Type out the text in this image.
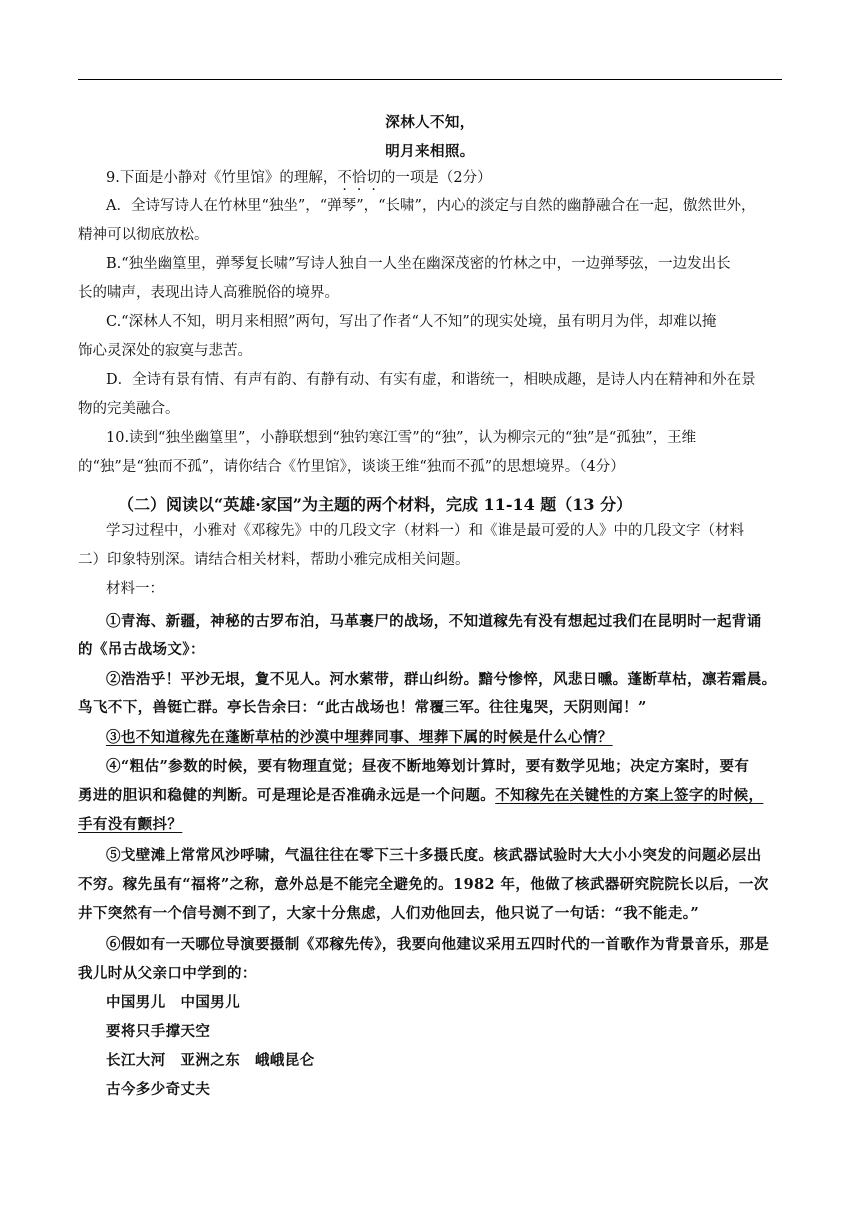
深林人不知，
明月来相照。
9.下面是小静对《竹里馆》的理解，不恰切的一项是（2分）
A．全诗写诗人在竹林里“独坐”，“弹琴”，“长啸”，内心的淡定与自然的幽静融合在一起，傲然世外，
精神可以彻底放松。
B.“独坐幽篁里，弹琴复长啸”写诗人独自一人坐在幽深茂密的竹林之中，一边弹琴弦，一边发出长
长的啸声，表现出诗人高雅脱俗的境界。
C.“深林人不知，明月来相照”两句，写出了作者“人不知”的现实处境，虽有明月为伴，却难以掩
饰心灵深处的寂寞与悲苦。
D．全诗有景有情、有声有韵、有静有动、有实有虚，和谐统一，相映成趣，是诗人内在精神和外在景
物的完美融合。
10.读到“独坐幽篁里”，小静联想到“独钓寒江雪”的“独”，认为柳宗元的“独”是“孤独”，王维
的“独”是“独而不孤”，请你结合《竹里馆》，谈谈王维“独而不孤”的思想境界。（4分）
（二）阅读以“英雄·家国”为主题的两个材料，完成 11-14 题（13 分）
学习过程中，小雅对《邓稼先》中的几段文字（材料一）和《谁是最可爱的人》中的几段文字（材料
二）印象特别深。请结合相关材料，帮助小雅完成相关问题。
材料一：
①青海、新疆，神秘的古罗布泊，马革裹尸的战场，不知道稼先有没有想起过我们在昆明时一起背诵
的《吊古战场文》：
②浩浩乎！平沙无垠，夐不见人。河水萦带，群山纠纷。黯兮惨悴，风悲日曛。蓬断草枯，凛若霜晨。
鸟飞不下，兽铤亡群。亭长告余曰：“此古战场也！常覆三军。往往鬼哭，天阴则闻！”
③也不知道稼先在蓬断草枯的沙漠中埋葬同事、埋葬下属的时候是什么心情？
④“粗估”参数的时候，要有物理直觉；昼夜不断地筹划计算时，要有数学见地；决定方案时，要有
勇进的胆识和稳健的判断。可是理论是否准确永远是一个问题。不知稼先在关键性的方案上签字的时候，
手有没有颤抖？
⑤戈壁滩上常常风沙呼啸，气温往往在零下三十多摄氏度。核武器试验时大大小小突发的问题必层出
不穷。稼先虽有“福将”之称，意外总是不能完全避免的。1982 年，他做了核武器研究院院长以后，一次
井下突然有一个信号测不到了，大家十分焦虑，人们劝他回去，他只说了一句话：“我不能走。”
⑥假如有一天哪位导演要摄制《邓稼先传》，我要向他建议采用五四时代的一首歌作为背景音乐，那是
我儿时从父亲口中学到的：
中国男儿　中国男儿
要将只手撑天空
长江大河　亚洲之东　峨峨昆仑
古今多少奇丈夫
